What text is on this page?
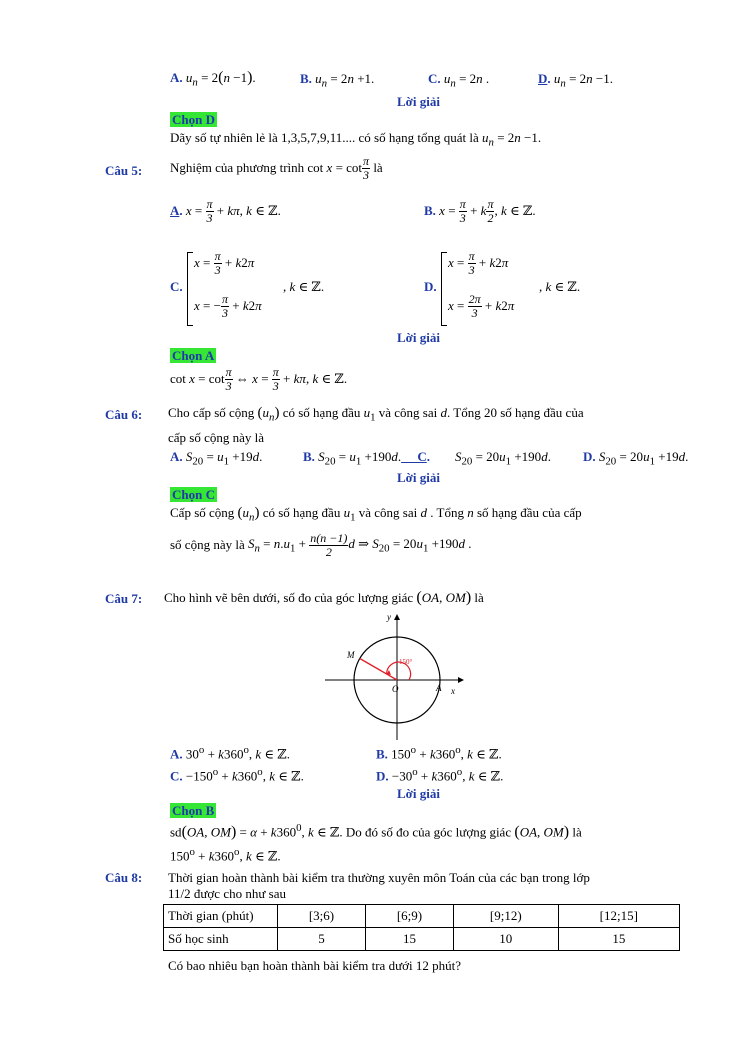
A. $u_n = 2(n -1)$.	B. $u_n = 2n +1$.	C. $u_n = 2n$ .	D. $u_n = 2n -1$.
Lời giải
Chọn D
Dãy số tự nhiên lẻ là 1,3,5,7,9,11.... có số hạng tổng quát là $u_n = 2n -1$.
Câu 5: Nghiệm của phương trình $\cot x = \cot \frac{\pi}{3}$ là
A. $x = \frac{\pi}{3} + k\pi$, k ∈ ℤ.	B. $x = \frac{\pi}{3} + k \frac{\pi}{2}$ , k ∈ ℤ.
C.
$x = \frac{\pi}{3} + k2\pi$
x = − $\frac{\pi}{3} + k2\pi$
, k ∈ ℤ.	D.
$x = \frac{\pi}{3} + k2\pi$
$x = \frac{2\pi}{3} + k2\pi$
, k ∈ ℤ.
Lời giải
Chọn A
$\cot x = \cot \frac{\pi}{3}$ ⇔ $x = \frac{\pi}{3} + k\pi$, k ∈ ℤ.
Câu 6: Cho cấp số cộng $(u_n)$ có số hạng đầu $u_1$ và công sai d. Tổng 20 số hạng đầu của
cấp số cộng này là
A. $S_{20} = u_1 +19d$.	B. $S_{20} = u_1 +190d$.     C. $S_{20} = 20u_1 +190d$. D. $S_{20} = 20u_1 +19d$.
Lời giải
Chọn C
Cấp số cộng $(u_n)$ có số hạng đầu $u_1$ và công sai d . Tổng n số hạng đầu của cấp
số cộng này là $S_n = n.u_1 + \frac{n(n -1)}{2}$ d ⇒ $S_{20} = 20u_1 +190d$ .
Câu 7: Cho hình vẽ bên dưới, số đo của góc lượng giác (OA, OM) là
y
x
O	A
M
150°
A. $30^o + k360^o$, k ∈ ℤ.	B. $150^o + k360^o$, k ∈ ℤ.
C. $-150^o + k360^o$, k ∈ ℤ.	D. $-30^o + k360^o$, k ∈ ℤ.
Lời giải
Chọn B
sd(OA, $OM) = \alpha + k360^0$, k ∈ ℤ. Do đó số đo của góc lượng giác (OA, OM) là
$150^o + k360^o$, k ∈ ℤ.
Câu 8: Thời gian hoàn thành bài kiểm tra thường xuyên môn Toán của các bạn trong lớp
11/2 được cho như sau
Thời gian (phút)	[3;6)	[6;9)	[9;12)	[12;15]
Số học sinh	5	15	10	15
Có bao nhiêu bạn hoàn thành bài kiểm tra dưới 12 phút?
